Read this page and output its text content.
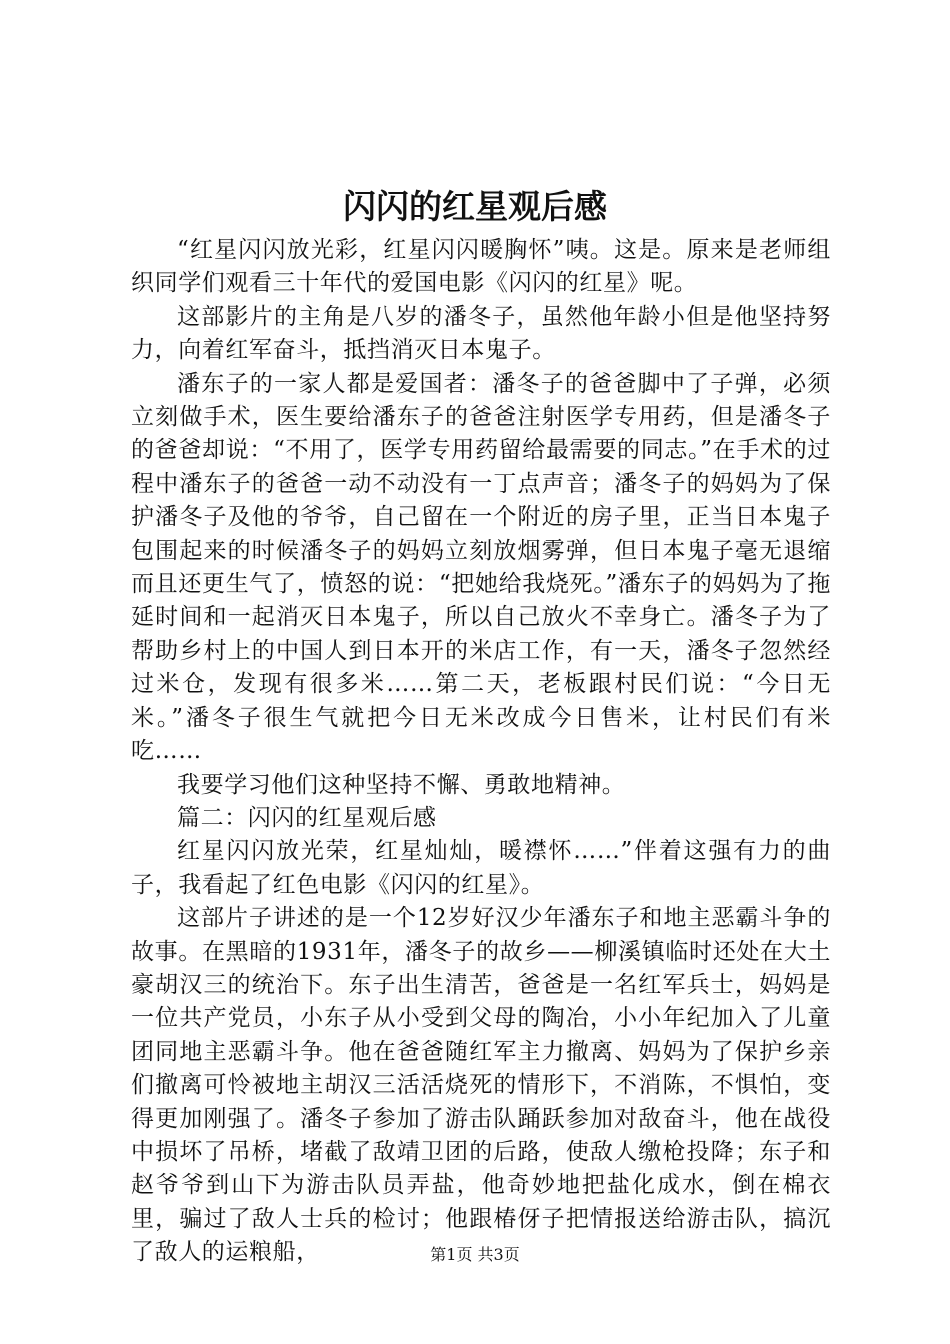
闪闪的红星观后感

“红星闪闪放光彩，红星闪闪暖胸怀”咦。这是。原来是老师组织同学们观看三十年代的爱国电影《闪闪的红星》呢。

这部影片的主角是八岁的潘冬子，虽然他年龄小但是他坚持努力，向着红军奋斗，抵挡消灭日本鬼子。

潘东子的一家人都是爱国者：潘冬子的爸爸脚中了子弹，必须立刻做手术，医生要给潘东子的爸爸注射医学专用药，但是潘冬子的爸爸却说：“不用了，医学专用药留给最需要的同志。”在手术的过程中潘东子的爸爸一动不动没有一丁点声音；潘冬子的妈妈为了保护潘冬子及他的爷爷，自己留在一个附近的房子里，正当日本鬼子包围起来的时候潘冬子的妈妈立刻放烟雾弹，但日本鬼子毫无退缩而且还更生气了，愤怒的说：“把她给我烧死。”潘东子的妈妈为了拖延时间和一起消灭日本鬼子，所以自己放火不幸身亡。潘冬子为了帮助乡村上的中国人到日本开的米店工作，有一天，潘冬子忽然经过米仓，发现有很多米……第二天，老板跟村民们说：“今日无米。”潘冬子很生气就把今日无米改成今日售米，让村民们有米吃……

我要学习他们这种坚持不懈、勇敢地精神。

篇二：闪闪的红星观后感

红星闪闪放光荣，红星灿灿，暖襟怀……”伴着这强有力的曲子，我看起了红色电影《闪闪的红星》。

这部片子讲述的是一个12岁好汉少年潘东子和地主恶霸斗争的故事。在黑暗的1931年，潘冬子的故乡——柳溪镇临时还处在大土豪胡汉三的统治下。东子出生清苦，爸爸是一名红军兵士，妈妈是一位共产党员，小东子从小受到父母的陶冶，小小年纪加入了儿童团同地主恶霸斗争。他在爸爸随红军主力撤离、妈妈为了保护乡亲们撤离可怜被地主胡汉三活活烧死的情形下，不消陈，不惧怕，变得更加刚强了。潘冬子参加了游击队踊跃参加对敌奋斗，他在战役中损坏了吊桥，堵截了敌靖卫团的后路，使敌人缴枪投降；东子和赵爷爷到山下为游击队员弄盐，他奇妙地把盐化成水，倒在棉衣里，骗过了敌人士兵的检讨；他跟椿伢子把情报送给游击队，搞沉了敌人的运粮船，	第1页 共3页
